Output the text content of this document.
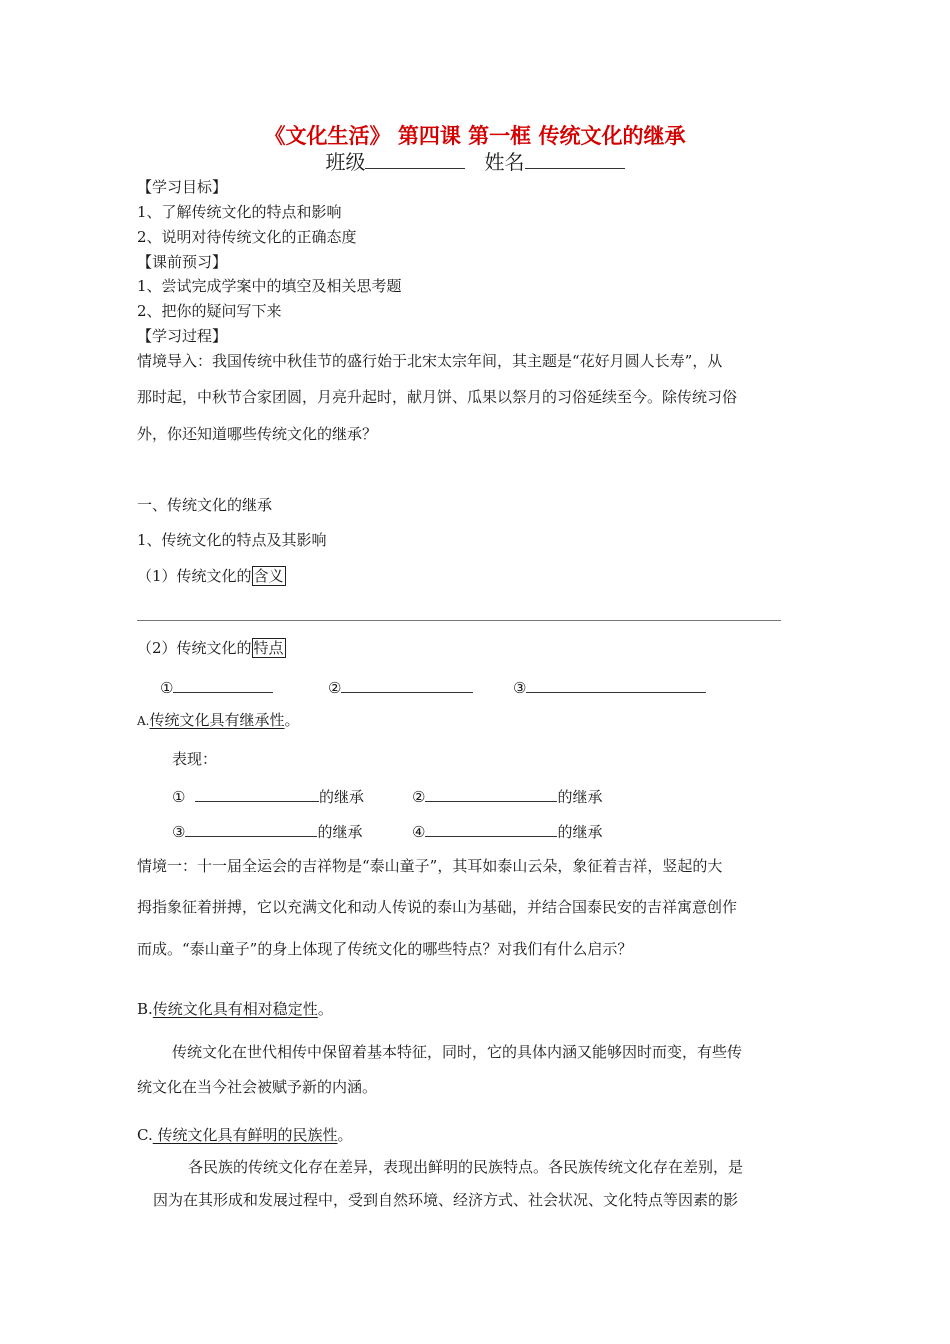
《文化生活》 第四课 第一框 传统文化的继承
班级	姓名
【学习目标】
1、了解传统文化的特点和影响
2、说明对待传统文化的正确态度
【课前预习】
1、尝试完成学案中的填空及相关思考题
2、把你的疑问写下来
【学习过程】
情境导入：我国传统中秋佳节的盛行始于北宋太宗年间，其主题是“花好月圆人长寿”，从
那时起，中秋节合家团圆，月亮升起时，献月饼、瓜果以祭月的习俗延续至今。除传统习俗
外，你还知道哪些传统文化的继承？
一、传统文化的继承
1、传统文化的特点及其影响
（1）传统文化的 含义
（2）传统文化的 特点
①	②	③
A.传统文化具有继承性。
表现：
①	的继承	②	的继承
③	的继承	④	的继承
情境一：十一届全运会的吉祥物是“泰山童子”，其耳如泰山云朵，象征着吉祥，竖起的大
拇指象征着拼搏，它以充满文化和动人传说的泰山为基础，并结合国泰民安的吉祥寓意创作
而成。“泰山童子”的身上体现了传统文化的哪些特点？对我们有什么启示？
B.传统文化具有相对稳定性。
传统文化在世代相传中保留着基本特征，同时，它的具体内涵又能够因时而变，有些传
统文化在当今社会被赋予新的内涵。
C. 传统文化具有鲜明的民族性。
各民族的传统文化存在差异，表现出鲜明的民族特点。各民族传统文化存在差别，是
因为在其形成和发展过程中，受到自然环境、经济方式、社会状况、文化特点等因素的影
